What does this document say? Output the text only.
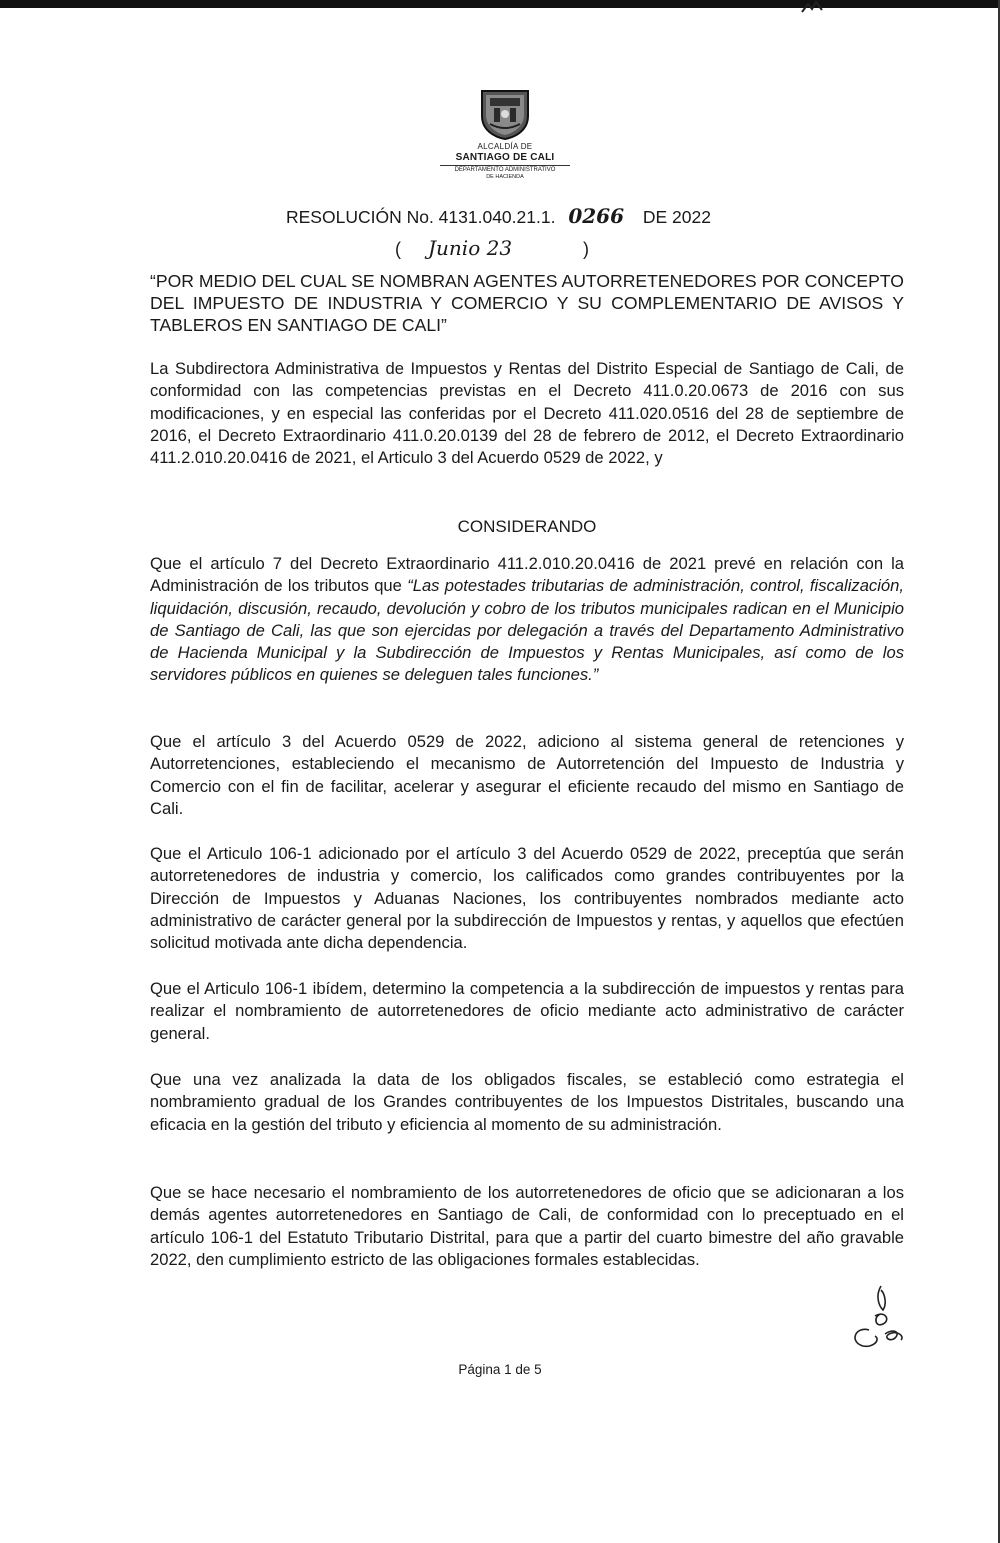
ALCALDÍA DE
SANTIAGO DE CALI
DEPARTAMENTO ADMINISTRATIVO
DE HACIENDA
RESOLUCIÓN No. 4131.040.21.1. 0266 DE 2022
( Junio 23	)
“POR MEDIO DEL CUAL SE NOMBRAN AGENTES AUTORRETENEDORES POR CONCEPTO DEL IMPUESTO DE INDUSTRIA Y COMERCIO Y SU COMPLEMENTARIO DE AVISOS Y TABLEROS EN SANTIAGO DE CALI”

La Subdirectora Administrativa de Impuestos y Rentas del Distrito Especial de Santiago de Cali, de conformidad con las competencias previstas en el Decreto 411.0.20.0673 de 2016 con sus modificaciones, y en especial las conferidas por el Decreto 411.020.0516 del 28 de septiembre de 2016, el Decreto Extraordinario 411.0.20.0139 del 28 de febrero de 2012, el Decreto Extraordinario 411.2.010.20.0416 de 2021, el Articulo 3 del Acuerdo 0529 de 2022, y

CONSIDERANDO

Que el artículo 7 del Decreto Extraordinario 411.2.010.20.0416 de 2021 prevé en relación con la Administración de los tributos que “Las potestades tributarias de administración, control, fiscalización, liquidación, discusión, recaudo, devolución y cobro de los tributos municipales radican en el Municipio de Santiago de Cali, las que son ejercidas por delegación a través del Departamento Administrativo de Hacienda Municipal y la Subdirección de Impuestos y Rentas Municipales, así como de los servidores públicos en quienes se deleguen tales funciones.”

Que el artículo 3 del Acuerdo 0529 de 2022, adiciono al sistema general de retenciones y Autorretenciones, estableciendo el mecanismo de Autorretención del Impuesto de Industria y Comercio con el fin de facilitar, acelerar y asegurar el eficiente recaudo del mismo en Santiago de Cali.

Que el Articulo 106-1 adicionado por el artículo 3 del Acuerdo 0529 de 2022, preceptúa que serán autorretenedores de industria y comercio, los calificados como grandes contribuyentes por la Dirección de Impuestos y Aduanas Naciones, los contribuyentes nombrados mediante acto administrativo de carácter general por la subdirección de Impuestos y rentas, y aquellos que efectúen solicitud motivada ante dicha dependencia.

Que el Articulo 106-1 ibídem, determino la competencia a la subdirección de impuestos y rentas para realizar el nombramiento de autorretenedores de oficio mediante acto administrativo de carácter general.

Que una vez analizada la data de los obligados fiscales, se estableció como estrategia el nombramiento gradual de los Grandes contribuyentes de los Impuestos Distritales, buscando una eficacia en la gestión del tributo y eficiencia al momento de su administración.

Que se hace necesario el nombramiento de los autorretenedores de oficio que se adicionaran a los demás agentes autorretenedores en Santiago de Cali, de conformidad con lo preceptuado en el artículo 106-1 del Estatuto Tributario Distrital, para que a partir del cuarto bimestre del año gravable 2022, den cumplimiento estricto de las obligaciones formales establecidas.

Página 1 de 5
